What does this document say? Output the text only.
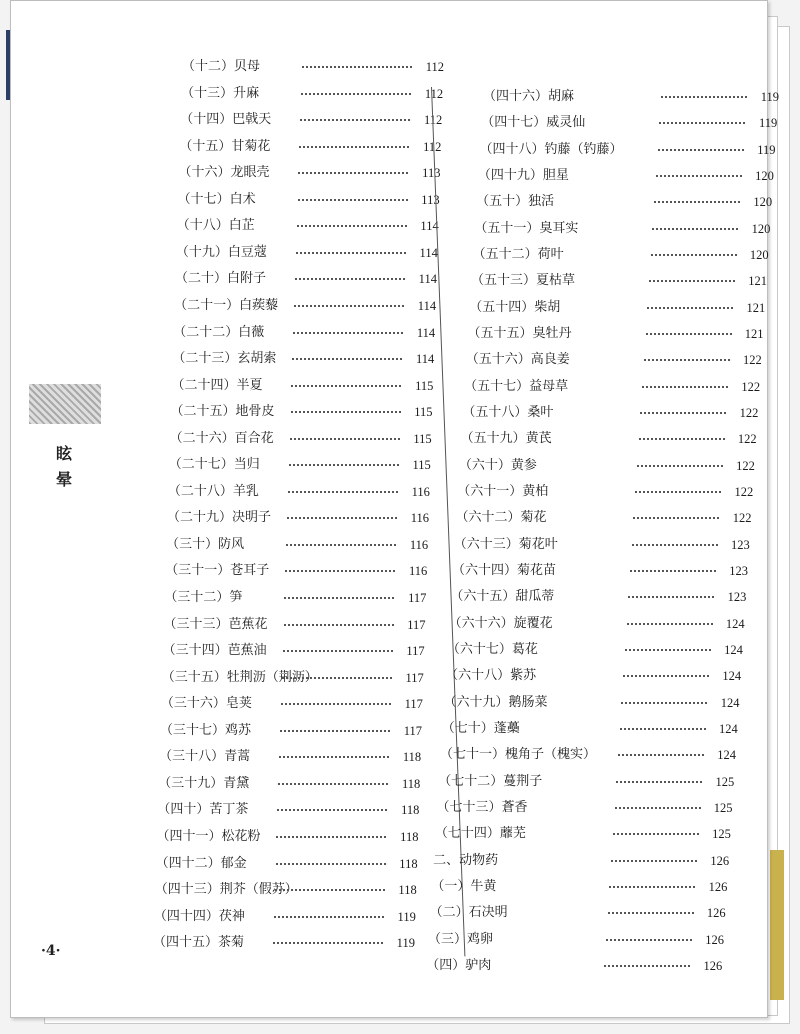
眩
晕
·4·
（十二）贝母	112
（十三）升麻	112
（十四）巴戟天	112
（十五）甘菊花	112
（十六）龙眼壳	113
（十七）白术	113
（十八）白芷	114
（十九）白豆蔻	114
（二十）白附子	114
（二十一）白蒺藜	114
（二十二）白薇	114
（二十三）玄胡索	114
（二十四）半夏	115
（二十五）地骨皮	115
（二十六）百合花	115
（二十七）当归	115
（二十八）羊乳	116
（二十九）决明子	116
（三十）防风	116
（三十一）苍耳子	116
（三十二）笋	117
（三十三）芭蕉花	117
（三十四）芭蕉油	117
（三十五）牡荆沥（荆沥）	117
（三十六）皂荚	117
（三十七）鸡苏	117
（三十八）青蒿	118
（三十九）青黛	118
（四十）苦丁茶	118
（四十一）松花粉	118
（四十二）郁金	118
（四十三）荆芥（假苏）	118
（四十四）茯神	119
（四十五）茶菊	119
（四十六）胡麻	119
（四十七）威灵仙	119
（四十八）钓藤（钓藤）	119
（四十九）胆星	120
（五十）独活	120
（五十一）臭耳实	120
（五十二）荷叶	120
（五十三）夏枯草	121
（五十四）柴胡	121
（五十五）臭牡丹	121
（五十六）高良姜	122
（五十七）益母草	122
（五十八）桑叶	122
（五十九）黄芪	122
（六十）黄参	122
（六十一）黄柏	122
（六十二）菊花	122
（六十三）菊花叶	123
（六十四）菊花苗	123
（六十五）甜瓜蒂	123
（六十六）旋覆花	124
（六十七）葛花	124
（六十八）紫苏	124
（六十九）鹅肠菜	124
（七十）蓬蘽	124
（七十一）槐角子（槐实）	124
（七十二）蔓荆子	125
（七十三）蒼香	125
（七十四）蘼芜	125
二、动物药	126
（一）牛黄	126
（二）石决明	126
（三）鸡卵	126
（四）驴肉	126
